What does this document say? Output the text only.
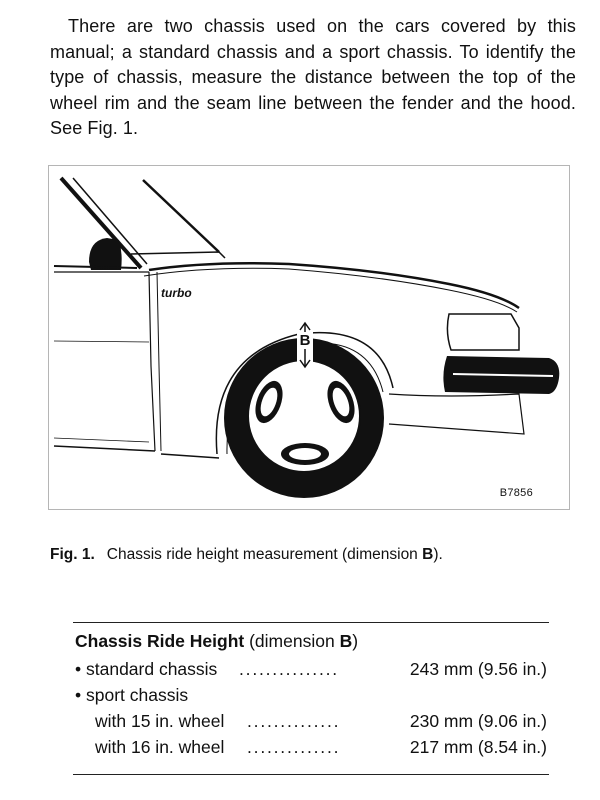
There are two chassis used on the cars covered by this manual; a standard chassis and a sport chassis. To identify the type of chassis, measure the distance between the top of the wheel rim and the seam line between the fender and the hood. See Fig. 1.

turbo
B
B7856
Fig. 1. Chassis ride height measurement (dimension B).
Chassis Ride Height (dimension B)
• standard chassis ...............	243 mm (9.56 in.)
• sport chassis
with 15 in. wheel ..............	230 mm (9.06 in.)
with 16 in. wheel ..............	217 mm (8.54 in.)
